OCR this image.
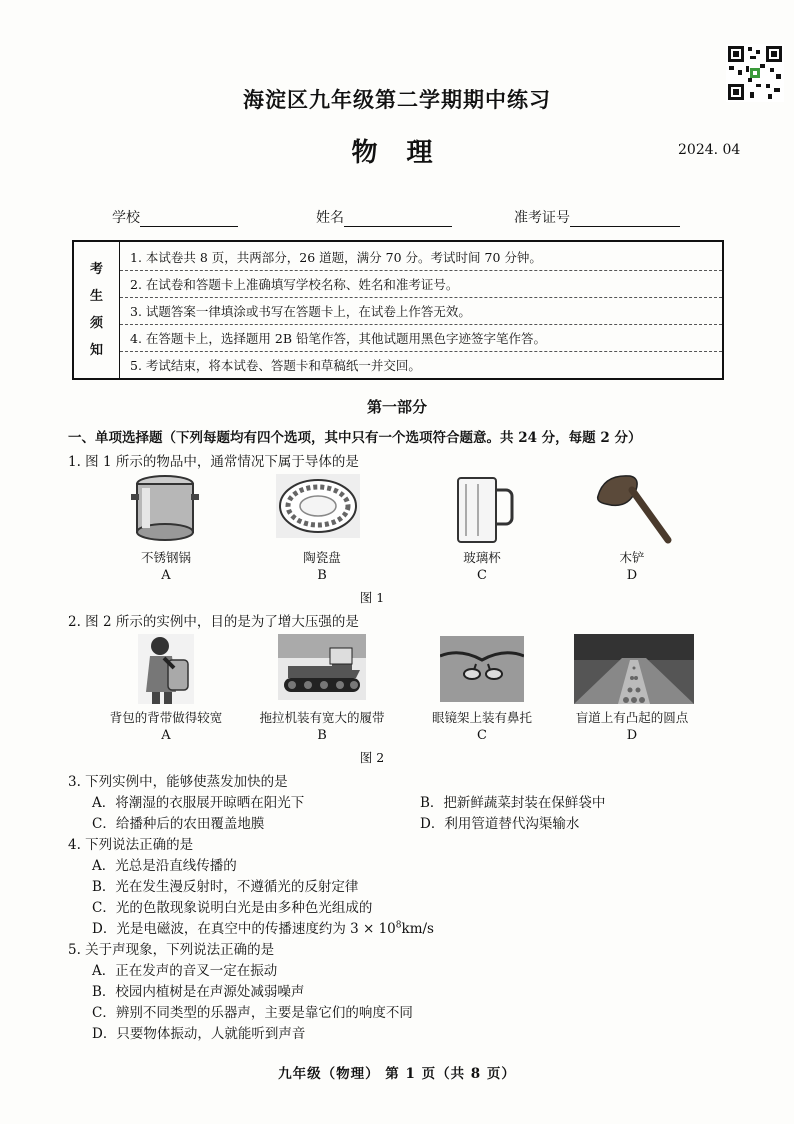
海淀区九年级第二学期期中练习
物 理	2024. 04
学校	姓名	准考证号
考
生
须
知
1. 本试卷共 8 页，共两部分，26 道题，满分 70 分。考试时间 70 分钟。
2. 在试卷和答题卡上准确填写学校名称、姓名和准考证号。
3. 试题答案一律填涂或书写在答题卡上，在试卷上作答无效。
4. 在答题卡上，选择题用 2B 铅笔作答，其他试题用黑色字迹签字笔作答。
5. 考试结束，将本试卷、答题卡和草稿纸一并交回。
第一部分
一、单项选择题（下列每题均有四个选项，其中只有一个选项符合题意。共 24 分，每题 2 分）
1. 图 1 所示的物品中，通常情况下属于导体的是
不锈钢锅	陶瓷盘	玻璃杯	木铲
A	B	C	D
图 1
2. 图 2 所示的实例中，目的是为了增大压强的是
背包的背带做得较宽	拖拉机装有宽大的履带	眼镜架上装有鼻托	盲道上有凸起的圆点
A	B	C	D
图 2
3. 下列实例中，能够使蒸发加快的是
A．将潮湿的衣服展开晾晒在阳光下	B．把新鲜蔬菜封装在保鲜袋中
C．给播种后的农田覆盖地膜	D．利用管道替代沟渠输水
4. 下列说法正确的是
A．光总是沿直线传播的
B．光在发生漫反射时，不遵循光的反射定律
C．光的色散现象说明白光是由多种色光组成的
D．光是电磁波，在真空中的传播速度约为 $3 \times 10^8km/s$
5. 关于声现象，下列说法正确的是
A．正在发声的音叉一定在振动
B．校园内植树是在声源处减弱噪声
C．辨别不同类型的乐器声，主要是靠它们的响度不同
D．只要物体振动，人就能听到声音
九年级（物理） 第 1 页（共 8 页）
